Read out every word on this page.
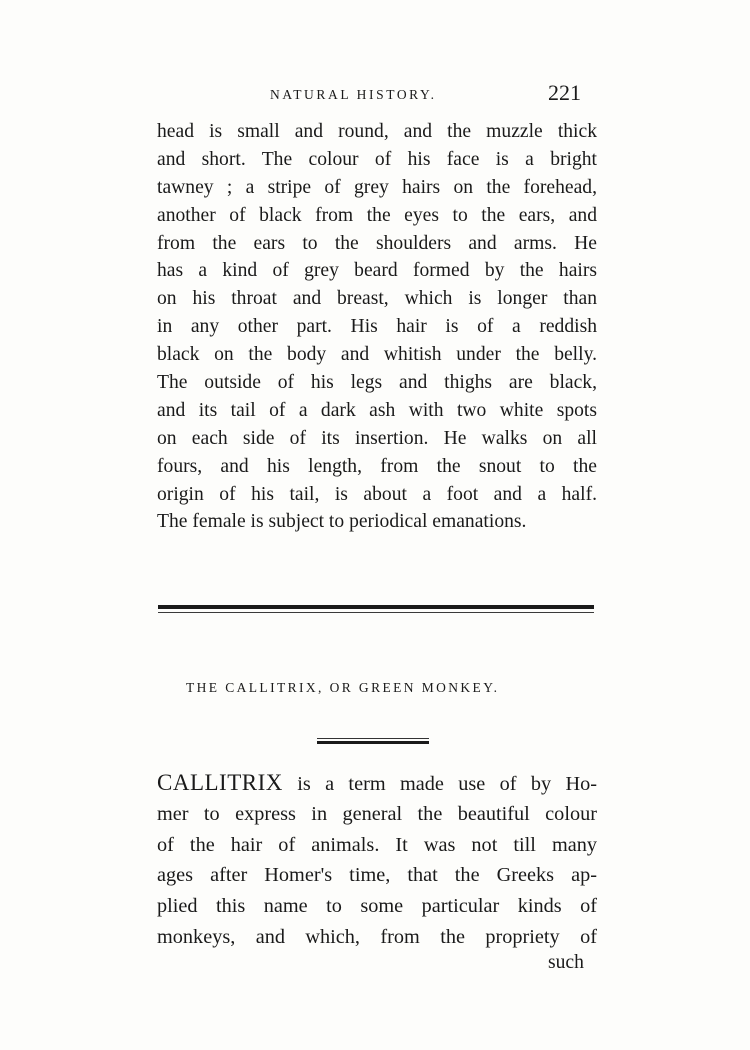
NATURAL HISTORY.	221
head is small and round, and the muzzle thick
and short. The colour of his face is a bright
tawney ; a stripe of grey hairs on the forehead,
another of black from the eyes to the ears, and
from the ears to the shoulders and arms. He
has a kind of grey beard formed by the hairs
on his throat and breast, which is longer than
in any other part. His hair is of a reddish
black on the body and whitish under the belly.
The outside of his legs and thighs are black,
and its tail of a dark ash with two white spots
on each side of its insertion. He walks on all
fours, and his length, from the snout to the
origin of his tail, is about a foot and a half.
The female is subject to periodical emanations.
THE CALLITRIX, OR GREEN MONKEY.
CALLITRIX is a term made use of by Ho-
mer to express in general the beautiful colour
of the hair of animals. It was not till many
ages after Homer's time, that the Greeks ap-
plied this name to some particular kinds of
monkeys, and which, from the propriety of
such
